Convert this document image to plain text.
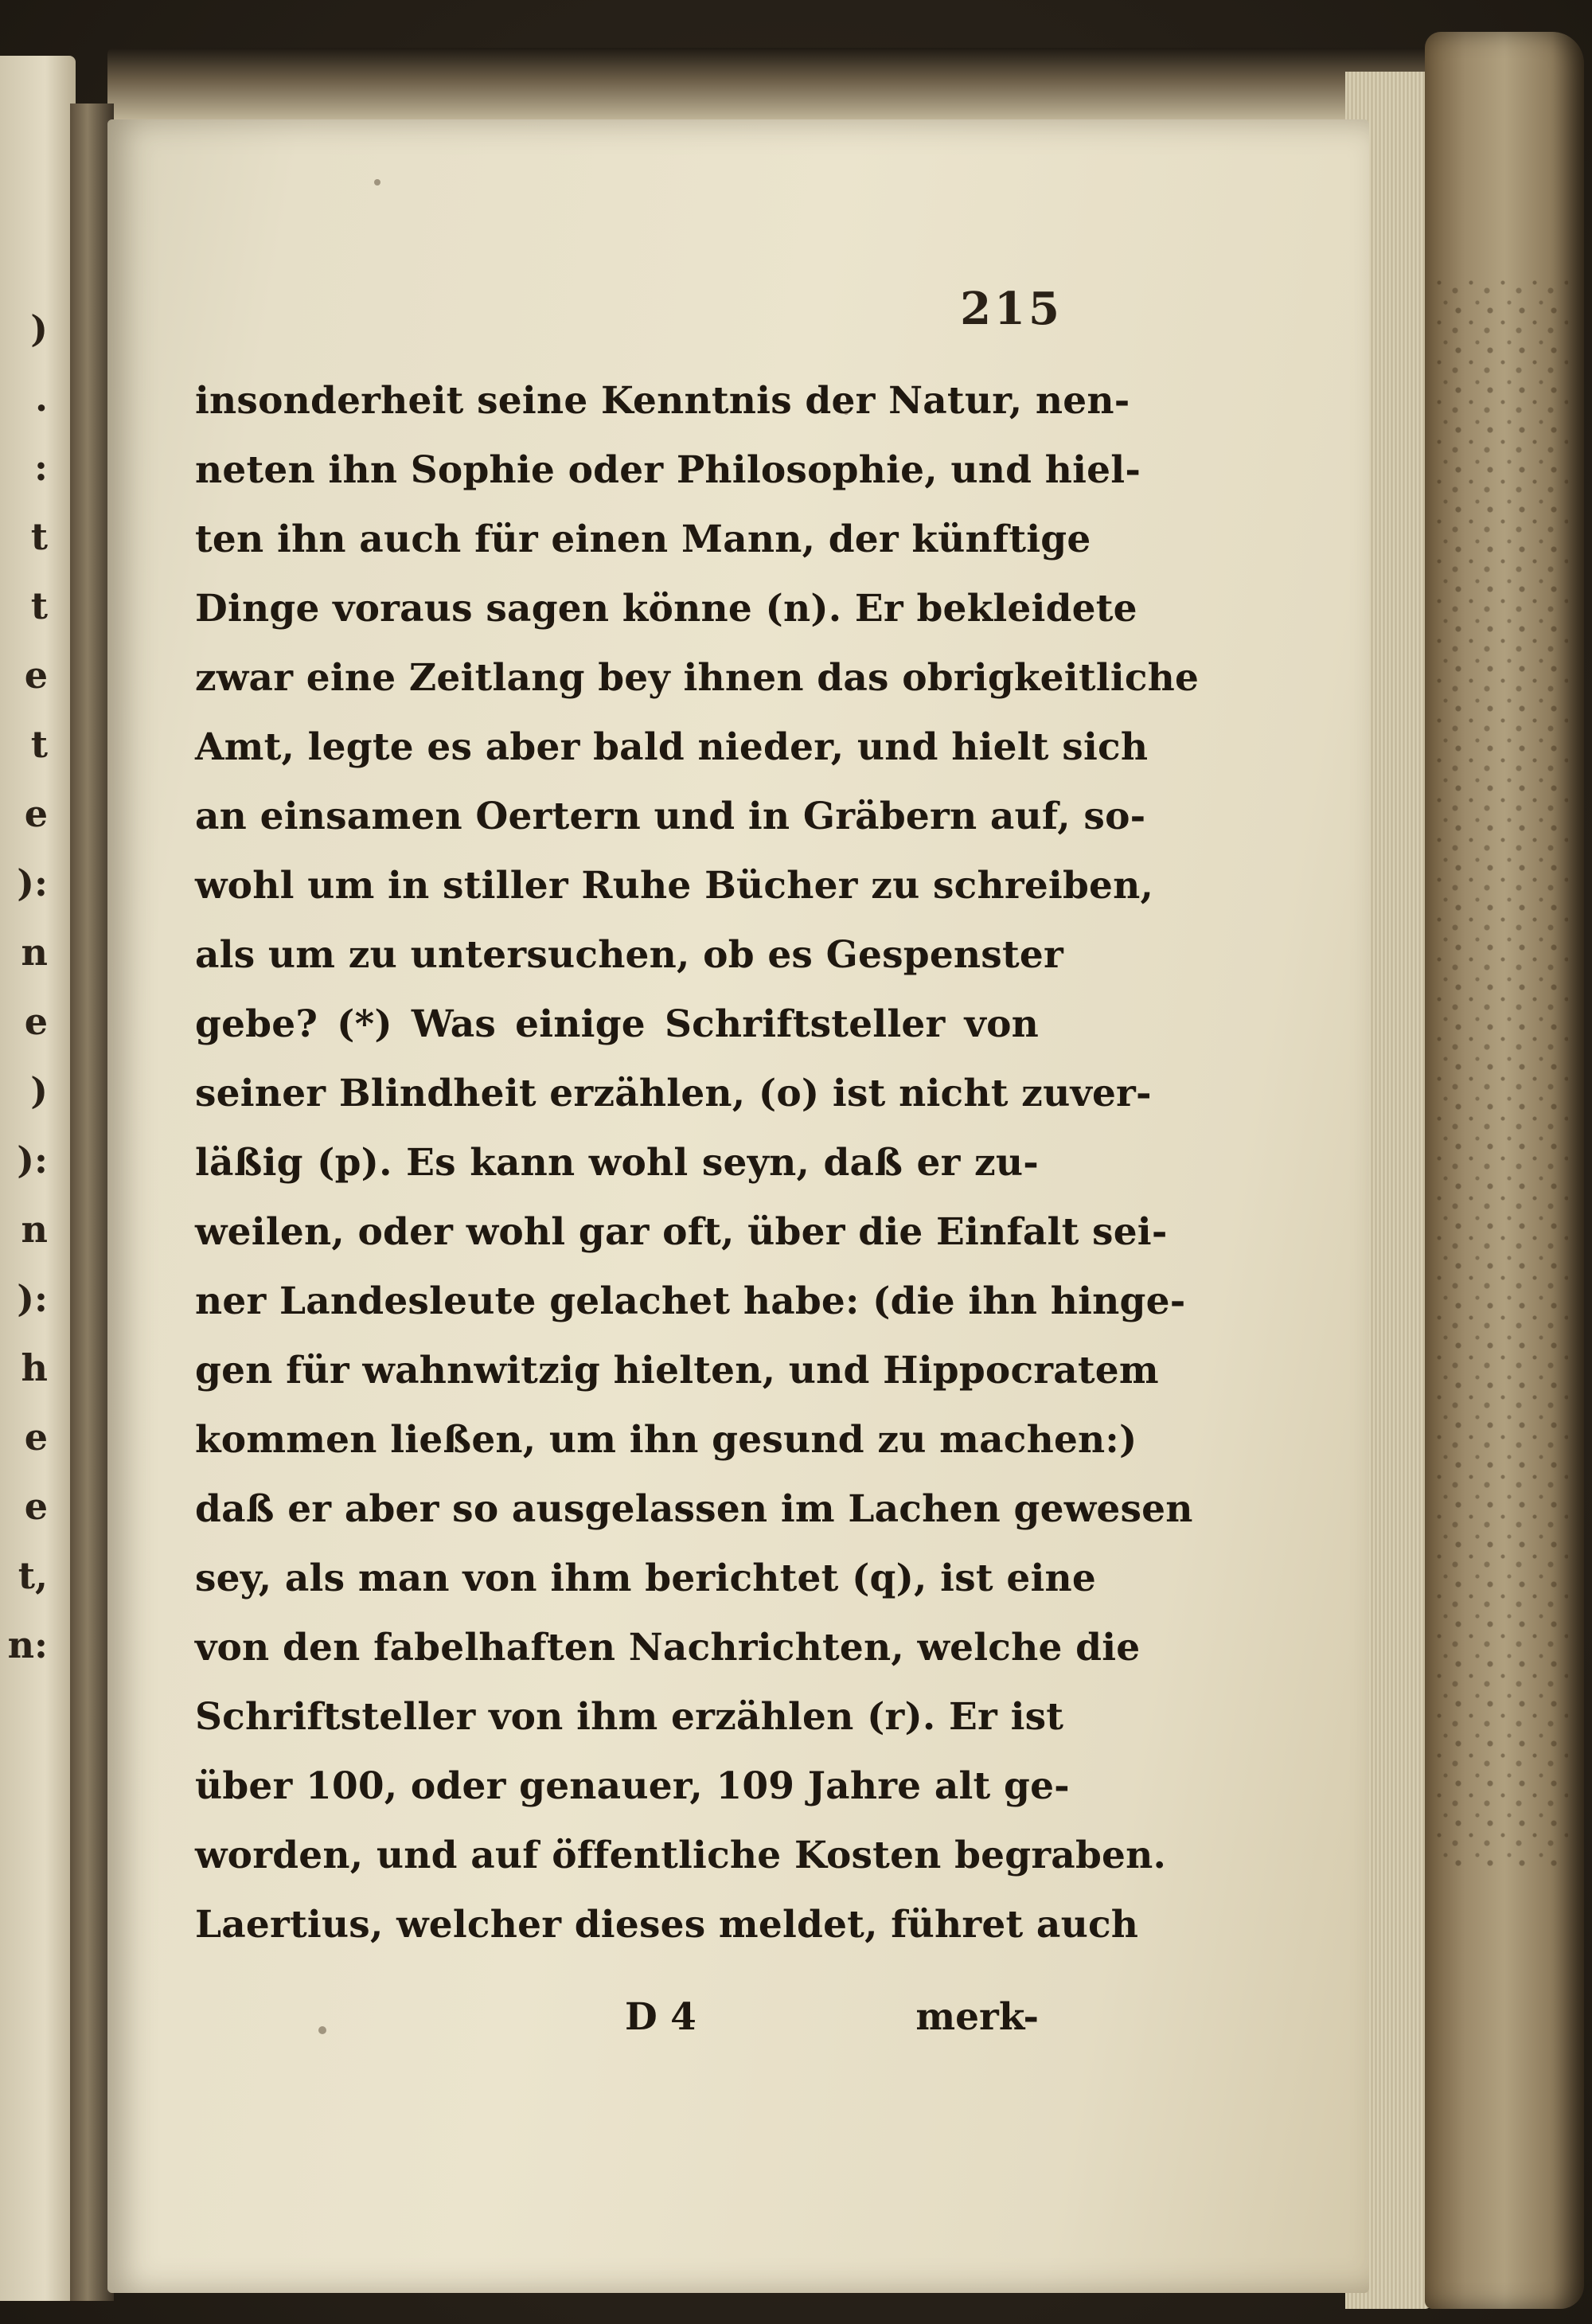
)
.
:
t
t
e
t
e
):
n
e
)
):
n
):
h
e
e
t,
n:
215
insonderheit seine Kenntnis der Natur, nen-
neten ihn Sophie oder Philosophie, und hiel-
ten ihn auch für einen Mann, der künftige
Dinge voraus sagen könne (n). Er bekleidete
zwar eine Zeitlang bey ihnen das obrigkeitliche
Amt, legte es aber bald nieder, und hielt sich
an einsamen Oertern und in Gräbern auf, so-
wohl um in stiller Ruhe Bücher zu schreiben,
als um zu untersuchen, ob es Gespenster
gebe? (*) Was einige Schriftsteller von
seiner Blindheit erzählen, (o) ist nicht zuver-
läßig (p). Es kann wohl seyn, daß er zu-
weilen, oder wohl gar oft, über die Einfalt sei-
ner Landesleute gelachet habe: (die ihn hinge-
gen für wahnwitzig hielten, und Hippocratem
kommen ließen, um ihn gesund zu machen:)
daß er aber so ausgelassen im Lachen gewesen
sey, als man von ihm berichtet (q), ist eine
von den fabelhaften Nachrichten, welche die
Schriftsteller von ihm erzählen (r). Er ist
über 100, oder genauer, 109 Jahre alt ge-
worden, und auf öffentliche Kosten begraben.
Laertius, welcher dieses meldet, führet auch
D 4	merk-
